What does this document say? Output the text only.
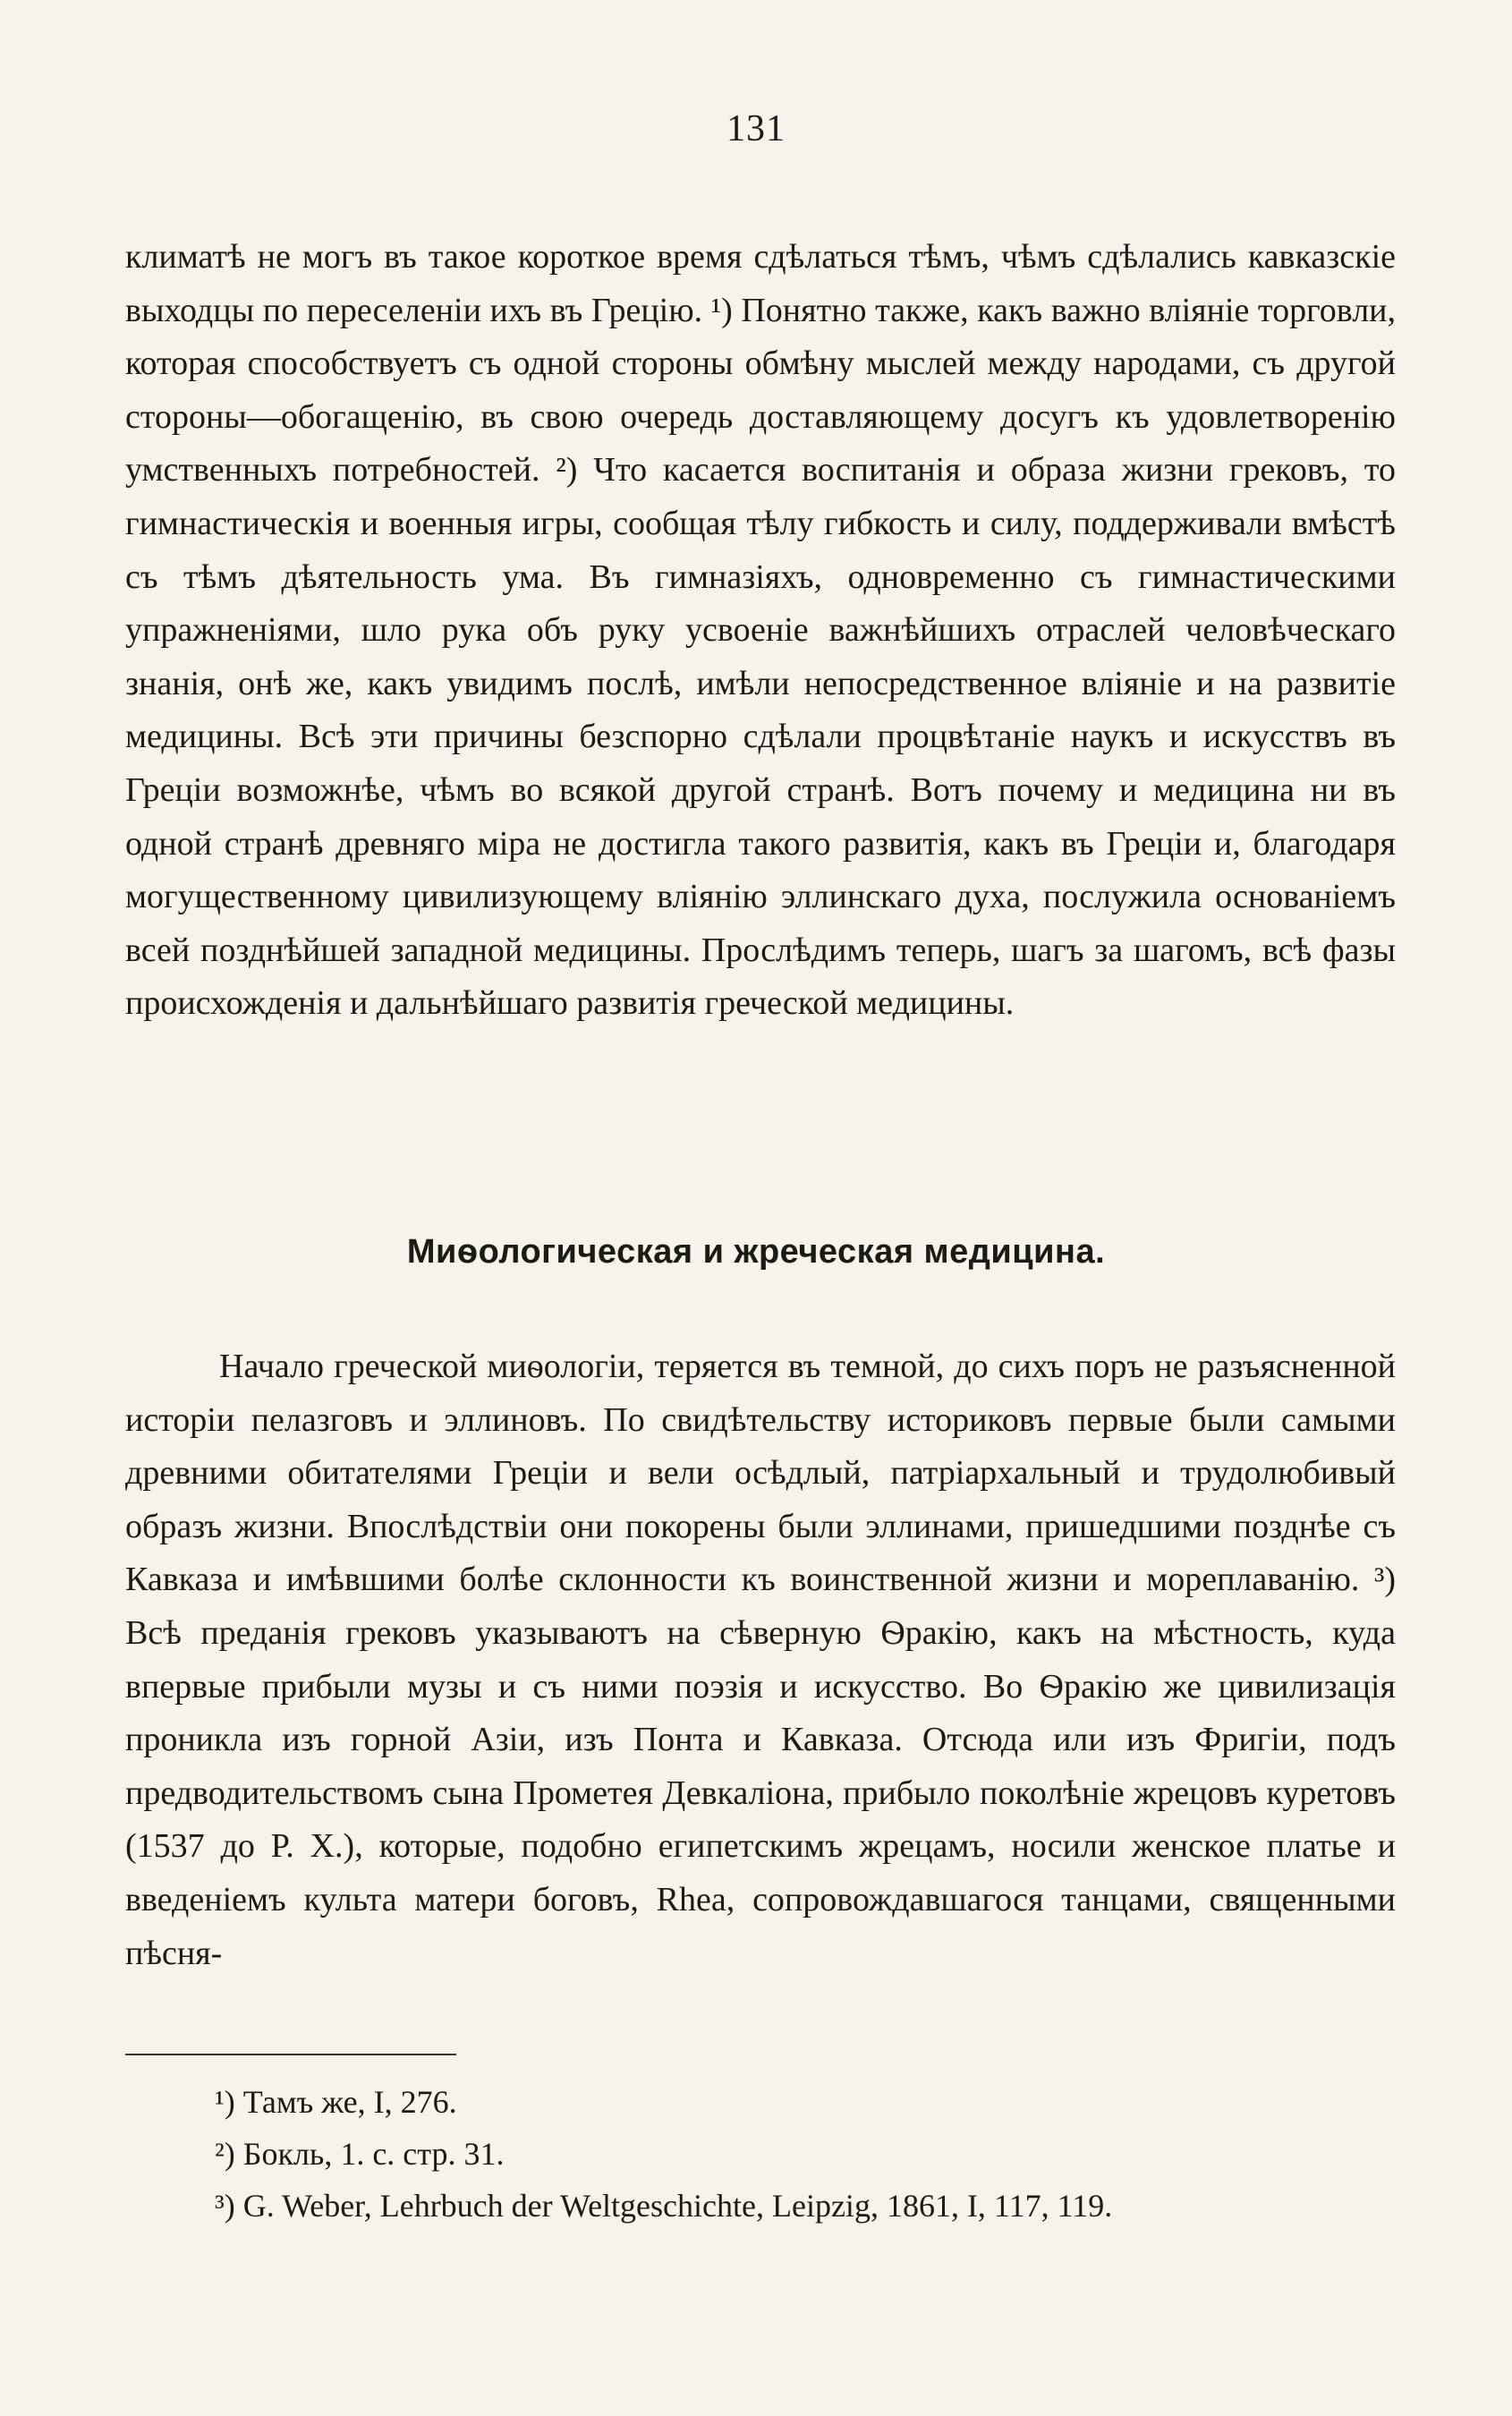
131

климатѣ не могъ въ такое короткое время сдѣлаться тѣмъ, чѣмъ сдѣлались кавказскіе выходцы по переселеніи ихъ въ Грецію. ¹) Понятно также, какъ важно вліяніе торговли, которая способствуетъ съ одной стороны обмѣну мыслей между народами, съ другой стороны—обогащенію, въ свою очередь доставляющему досугъ къ удовлетворенію умственныхъ потребностей. ²) Что касается воспитанія и образа жизни грековъ, то гимнастическія и военныя игры, сообщая тѣлу гибкость и силу, поддерживали вмѣстѣ съ тѣмъ дѣятельность ума. Въ гимназіяхъ, одновременно съ гимнастическими упражненіями, шло рука объ руку усвоеніе важнѣйшихъ отраслей человѣческаго знанія, онѣ же, какъ увидимъ послѣ, имѣли непосредственное вліяніе и на развитіе медицины. Всѣ эти причины безспорно сдѣлали процвѣтаніе наукъ и искусствъ въ Греціи возможнѣе, чѣмъ во всякой другой странѣ. Вотъ почему и медицина ни въ одной странѣ древняго міра не достигла такого развитія, какъ въ Греціи и, благодаря могущественному цивилизующему вліянію эллинскаго духа, послужила основаніемъ всей позднѣйшей западной медицины. Прослѣдимъ теперь, шагъ за шагомъ, всѣ фазы происхожденія и дальнѣйшаго развитія греческой медицины.

Миѳологическая и жреческая медицина.

Начало греческой миѳологіи, теряется въ темной, до сихъ поръ не разъясненной исторіи пелазговъ и эллиновъ. По свидѣтельству историковъ первые были самыми древними обитателями Греціи и вели осѣдлый, патріархальный и трудолюбивый образъ жизни. Впослѣдствіи они покорены были эллинами, пришедшими позднѣе съ Кавказа и имѣвшими болѣе склонности къ воинственной жизни и мореплаванію. ³) Всѣ преданія грековъ указываютъ на сѣверную Ѳракію, какъ на мѣстность, куда впервые прибыли музы и съ ними поэзія и искусство. Во Ѳракію же цивилизація проникла изъ горной Азіи, изъ Понта и Кавказа. Отсюда или изъ Фригіи, подъ предводительствомъ сына Прометея Девкаліона, прибыло поколѣніе жрецовъ куретовъ (1537 до Р. Х.), которые, подобно египетскимъ жрецамъ, носили женское платье и введеніемъ культа матери боговъ, Rhea, сопровождавшагося танцами, священными пѣсня-

¹) Тамъ же, I, 276.
²) Бокль, 1. с. стр. 31.
³) G. Weber, Lehrbuch der Weltgeschichte, Leipzig, 1861, I, 117, 119.
